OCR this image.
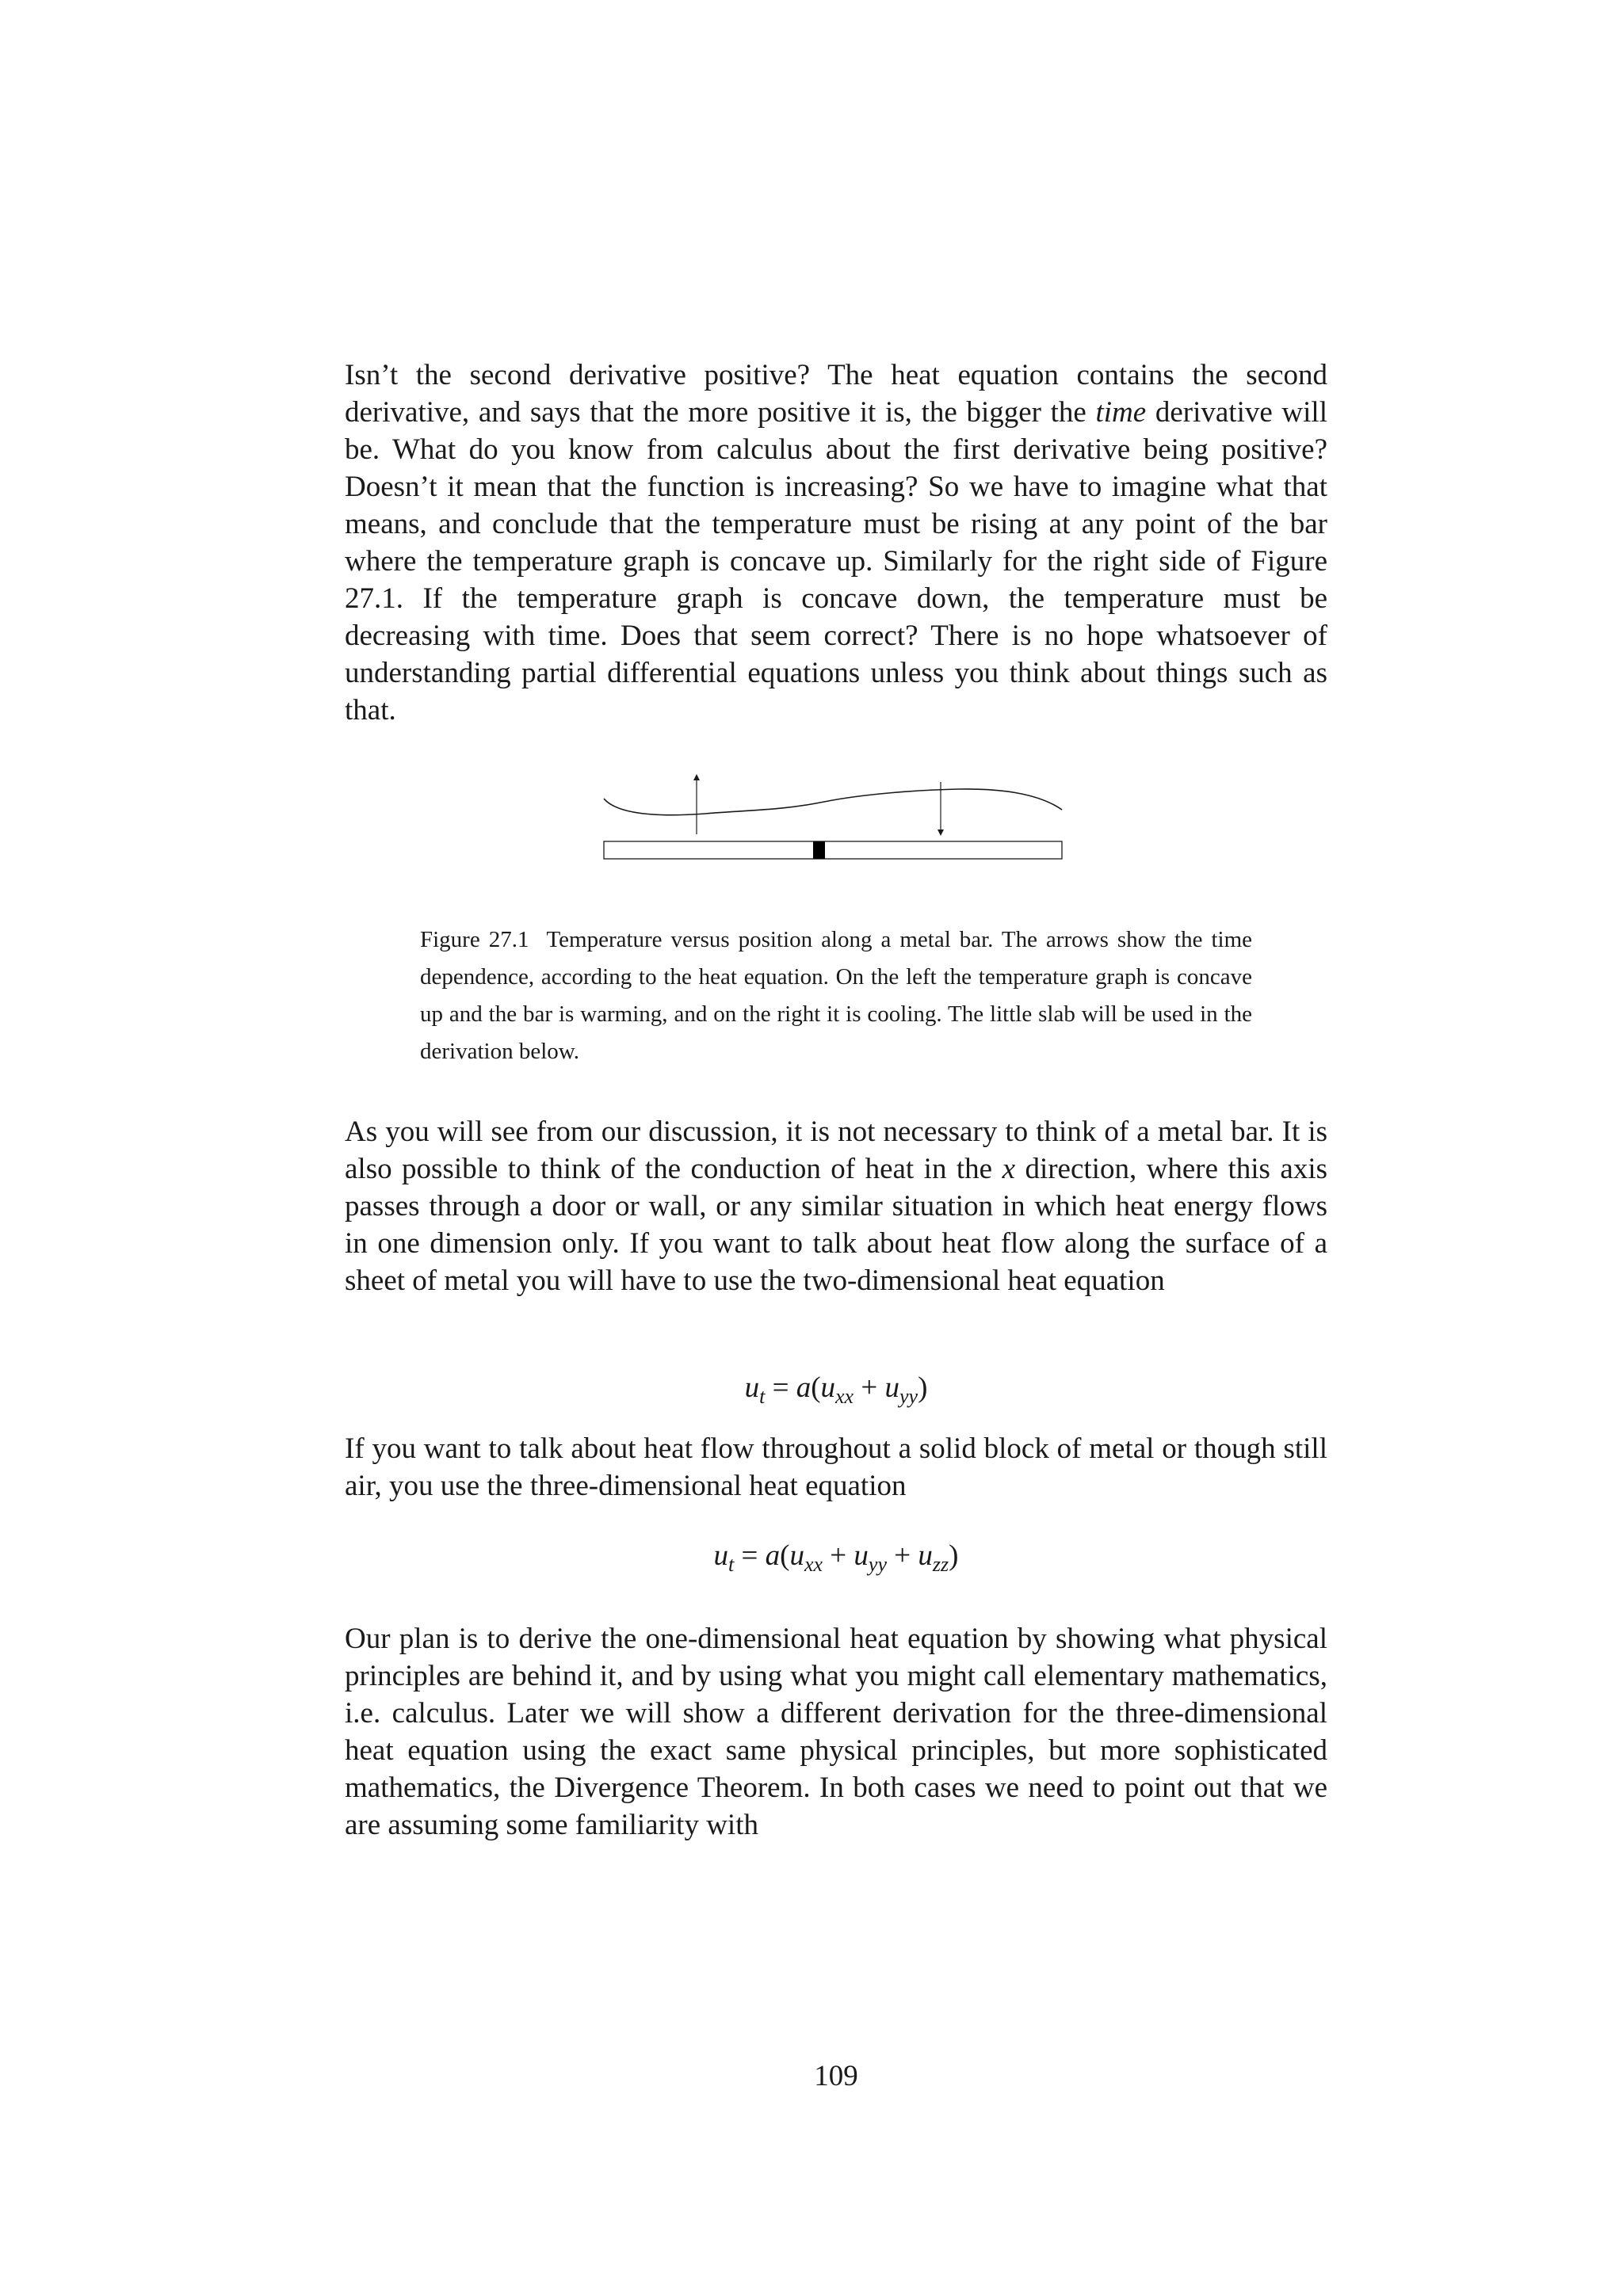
Isn’t the second derivative positive? The heat equation contains the second derivative, and says that the more positive it is, the bigger the time derivative will be. What do you know from calculus about the first derivative being positive? Doesn’t it mean that the function is increasing? So we have to imagine what that means, and conclude that the temperature must be rising at any point of the bar where the temperature graph is concave up. Similarly for the right side of Figure 27.1. If the temperature graph is concave down, the temperature must be decreasing with time. Does that seem correct? There is no hope whatsoever of understanding partial differential equations unless you think about things such as that.

Figure 27.1 Temperature versus position along a metal bar. The arrows show the time dependence, according to the heat equation. On the left the temperature graph is concave up and the bar is warming, and on the right it is cooling. The little slab will be used in the derivation below.

As you will see from our discussion, it is not necessary to think of a metal bar. It is also possible to think of the conduction of heat in the x direction, where this axis passes through a door or wall, or any similar situation in which heat energy flows in one dimension only. If you want to talk about heat flow along the surface of a sheet of metal you will have to use the two-dimensional heat equation

$u_t = a(u_{xx} + u_{yy})$

If you want to talk about heat flow throughout a solid block of metal or though still air, you use the three-dimensional heat equation

$u_t = a(u_{xx} + u_{yy} + u_{zz})$

Our plan is to derive the one-dimensional heat equation by showing what physical principles are behind it, and by using what you might call elementary mathematics, i.e. calculus. Later we will show a different derivation for the three-dimensional heat equation using the exact same physical principles, but more sophisticated mathematics, the Divergence Theorem. In both cases we need to point out that we are assuming some familiarity with

109
